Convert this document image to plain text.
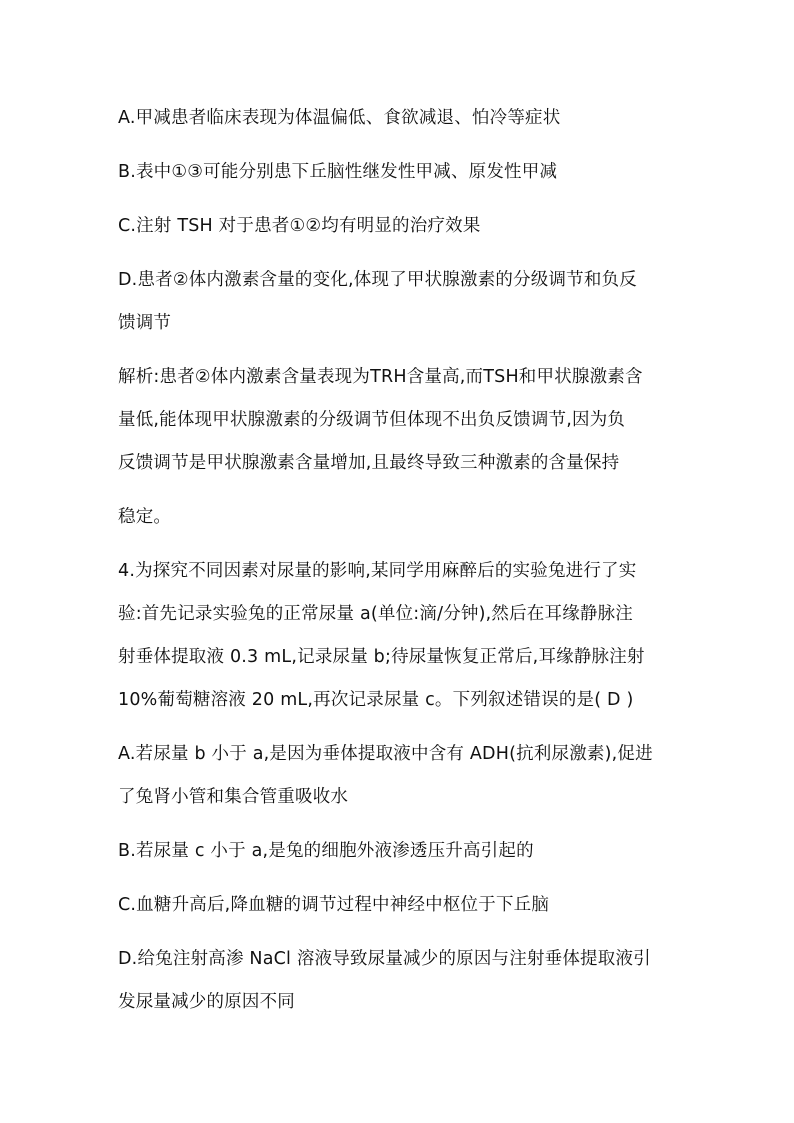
A.甲减患者临床表现为体温偏低、食欲减退、怕冷等症状
B.表中①③可能分别患下丘脑性继发性甲减、原发性甲减
C.注射 TSH 对于患者①②均有明显的治疗效果
D.患者②体内激素含量的变化,体现了甲状腺激素的分级调节和负反
馈调节
解析:患者②体内激素含量表现为TRH含量高,而TSH和甲状腺激素含
量低,能体现甲状腺激素的分级调节但体现不出负反馈调节,因为负
反馈调节是甲状腺激素含量增加,且最终导致三种激素的含量保持
稳定。
4.为探究不同因素对尿量的影响,某同学用麻醉后的实验兔进行了实
验:首先记录实验兔的正常尿量 a(单位:滴/分钟),然后在耳缘静脉注
射垂体提取液 0.3 mL,记录尿量 b;待尿量恢复正常后,耳缘静脉注射
10%葡萄糖溶液 20 mL,再次记录尿量 c。下列叙述错误的是( D )
A.若尿量 b 小于 a,是因为垂体提取液中含有 ADH(抗利尿激素),促进
了兔肾小管和集合管重吸收水
B.若尿量 c 小于 a,是兔的细胞外液渗透压升高引起的
C.血糖升高后,降血糖的调节过程中神经中枢位于下丘脑
D.给兔注射高渗 NaCl 溶液导致尿量减少的原因与注射垂体提取液引
发尿量减少的原因不同
